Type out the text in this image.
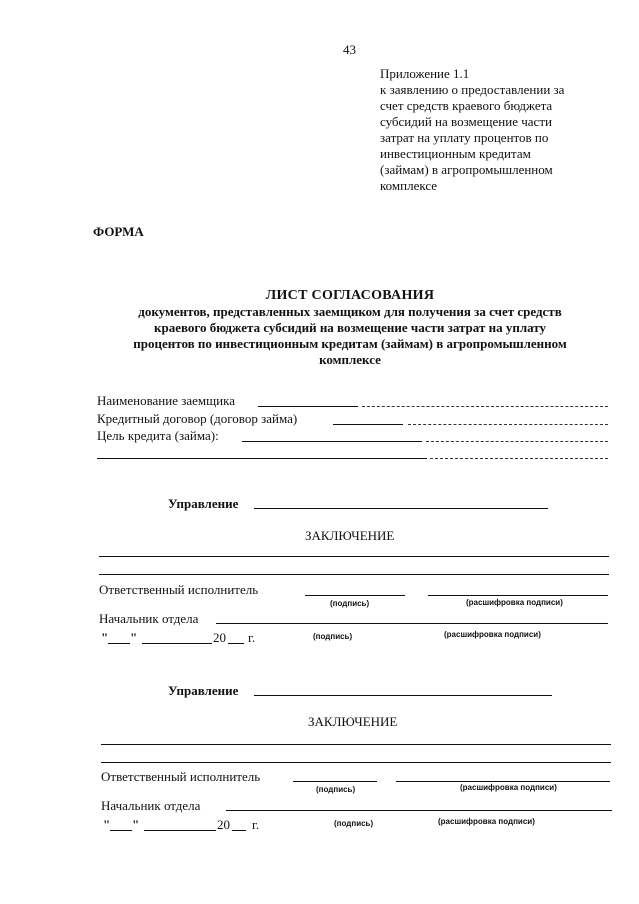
43
Приложение 1.1
к заявлению о предоставлении за
счет средств краевого бюджета
субсидий на возмещение части
затрат на уплату процентов по
инвестиционным кредитам
(займам) в агропромышленном
комплексе
ФОРМА
ЛИСТ СОГЛАСОВАНИЯ
документов, представленных заемщиком для получения за счет средств
краевого бюджета субсидий на возмещение части затрат на уплату
процентов по инвестиционным кредитам (займам) в агропромышленном
комплексе
Наименование заемщика
Кредитный договор (договор займа)
Цель кредита (займа):
Управление
ЗАКЛЮЧЕНИЕ
Ответственный исполнитель
(подпись)	(расшифровка подписи)
Начальник отдела
" "	20 г.	(подпись)	(расшифровка подписи)
Управление
ЗАКЛЮЧЕНИЕ
Ответственный исполнитель
(подпись)	(расшифровка подписи)
Начальник отдела
" "	20 г.	(подпись)	(расшифровка подписи)
